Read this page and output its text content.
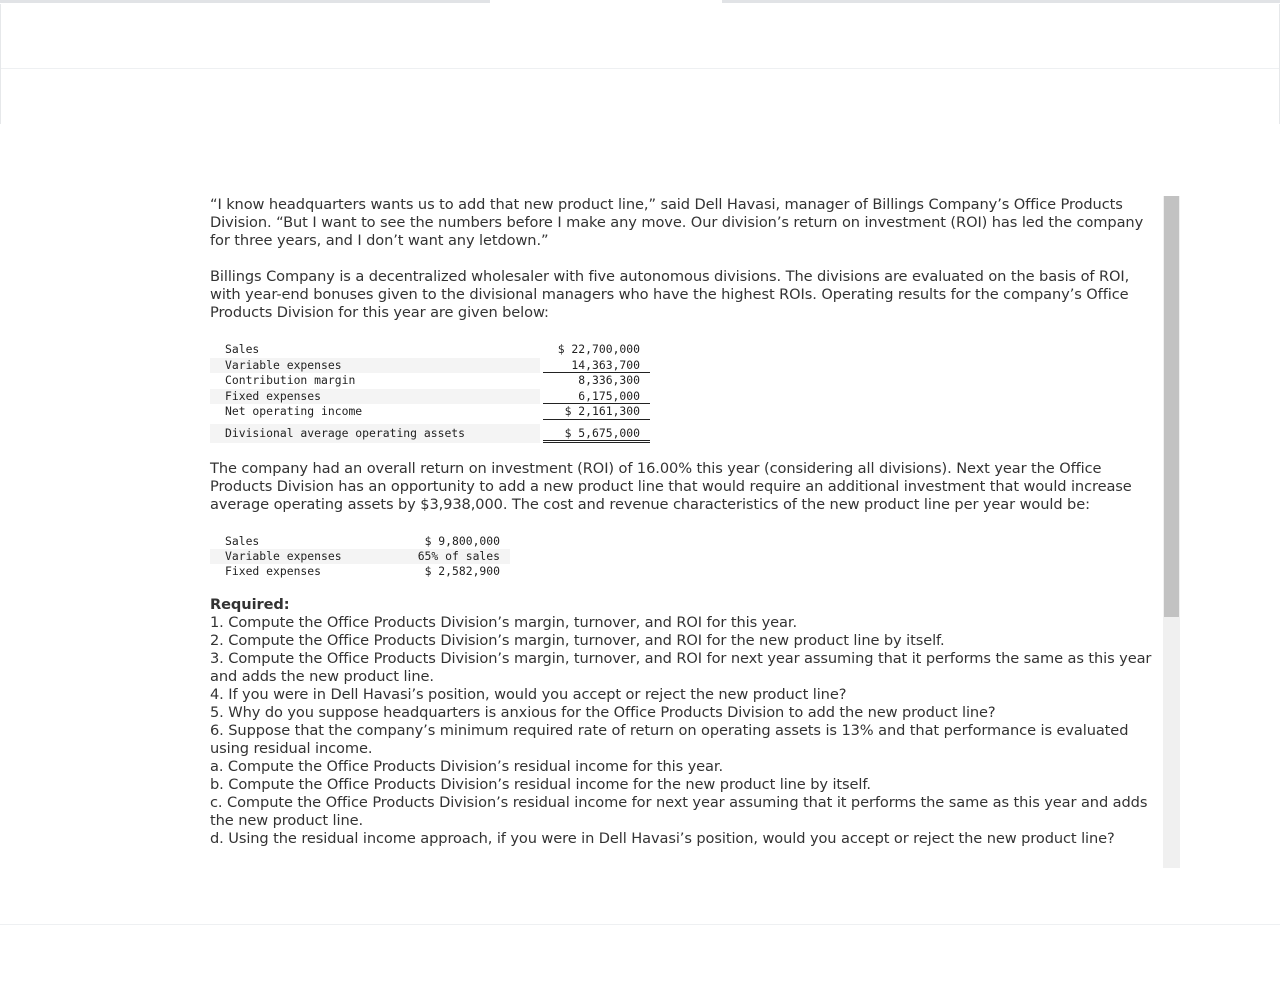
“I know headquarters wants us to add that new product line,” said Dell Havasi, manager of Billings Company’s Office Products Division. “But I want to see the numbers before I make any move. Our division’s return on investment (ROI) has led the company for three years, and I don’t want any letdown.”

Billings Company is a decentralized wholesaler with five autonomous divisions. The divisions are evaluated on the basis of ROI, with year-end bonuses given to the divisional managers who have the highest ROIs. Operating results for the company’s Office Products Division for this year are given below:

The company had an overall return on investment (ROI) of 16.00% this year (considering all divisions). Next year the Office Products Division has an opportunity to add a new product line that would require an additional investment that would increase average operating assets by $3,938,000. The cost and revenue characteristics of the new product line per year would be:

Required:

1. Compute the Office Products Division’s margin, turnover, and ROI for this year.

2. Compute the Office Products Division’s margin, turnover, and ROI for the new product line by itself.

3. Compute the Office Products Division’s margin, turnover, and ROI for next year assuming that it performs the same as this year and adds the new product line.

4. If you were in Dell Havasi’s position, would you accept or reject the new product line?

5. Why do you suppose headquarters is anxious for the Office Products Division to add the new product line?

6. Suppose that the company’s minimum required rate of return on operating assets is 13% and that performance is evaluated using residual income.

a. Compute the Office Products Division’s residual income for this year.

b. Compute the Office Products Division’s residual income for the new product line by itself.

c. Compute the Office Products Division’s residual income for next year assuming that it performs the same as this year and adds the new product line.

d. Using the residual income approach, if you were in Dell Havasi’s position, would you accept or reject the new product line?

Sales	$ 22,700,000
Variable expenses	14,363,700
Contribution margin	8,336,300
Fixed expenses	6,175,000
Net operating income	$ 2,161,300
Divisional average operating assets	$ 5,675,000
Sales	$ 9,800,000
Variable expenses	65% of sales
Fixed expenses	$ 2,582,900
